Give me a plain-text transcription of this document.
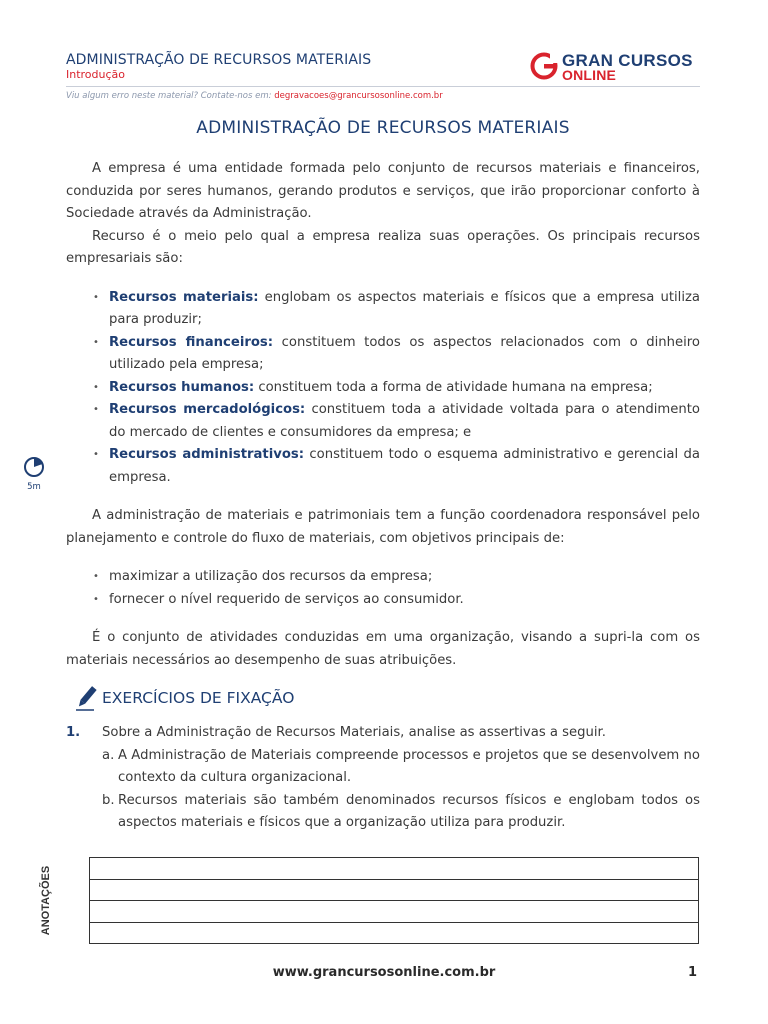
ADMINISTRAÇÃO DE RECURSOS MATERIAIS
Introdução
GRAN CURSOS
ONLINE
Viu algum erro neste material? Contate-nos em: degravacoes@grancursosonline.com.br
ADMINISTRAÇÃO DE RECURSOS MATERIAIS

A empresa é uma entidade formada pelo conjunto de recursos materiais e financeiros, conduzida por seres humanos, gerando produtos e serviços, que irão proporcionar conforto à Sociedade através da Administração.

Recurso é o meio pelo qual a empresa realiza suas operações. Os principais recursos empresariais são:

• Recursos materiais: englobam os aspectos materiais e físicos que a empresa utiliza para produzir;
• Recursos financeiros: constituem todos os aspectos relacionados com o dinheiro utilizado pela empresa;
• Recursos humanos: constituem toda a forma de atividade humana na empresa;
• Recursos mercadológicos: constituem toda a atividade voltada para o atendimento do mercado de clientes e consumidores da empresa; e
• Recursos administrativos: constituem todo o esquema administrativo e gerencial da empresa.

A administração de materiais e patrimoniais tem a função coordenadora responsável pelo planejamento e controle do fluxo de materiais, com objetivos principais de:

• maximizar a utilização dos recursos da empresa;
• fornecer o nível requerido de serviços ao consumidor.

É o conjunto de atividades conduzidas em uma organização, visando a supri-la com os materiais necessários ao desempenho de suas atribuições.

5m
EXERCÍCIOS DE FIXAÇÃO
1. Sobre a Administração de Recursos Materiais, analise as assertivas a seguir.
a. A Administração de Materiais compreende processos e projetos que se desenvolvem no contexto da cultura organizacional.
b. Recursos materiais são também denominados recursos físicos e englobam todos os aspectos materiais e físicos que a organização utiliza para produzir.
ANOTAÇÕES
www.grancursosonline.com.br	1
